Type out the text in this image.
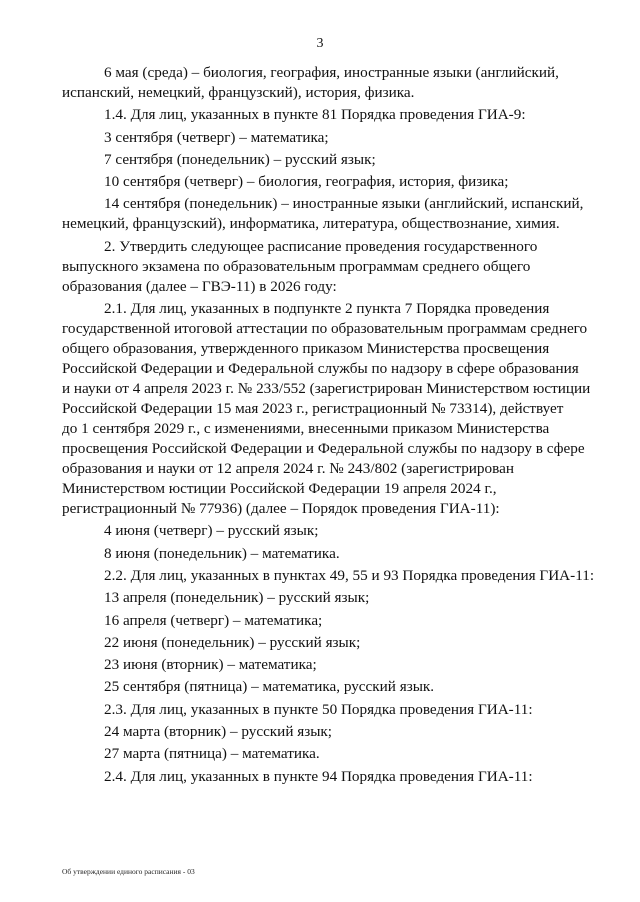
3

6 мая (среда) – биология, география, иностранные языки (английский,
испанский, немецкий, французский), история, физика.

1.4. Для лиц, указанных в пункте 81 Порядка проведения ГИА-9:

3 сентября (четверг) – математика;

7 сентября (понедельник) – русский язык;

10 сентября (четверг) – биология, география, история, физика;

14 сентября (понедельник) – иностранные языки (английский, испанский,
немецкий, французский), информатика, литература, обществознание, химия.

2. Утвердить следующее расписание проведения государственного
выпускного экзамена по образовательным программам среднего общего
образования (далее – ГВЭ-11) в 2026 году:

2.1. Для лиц, указанных в подпункте 2 пункта 7 Порядка проведения
государственной итоговой аттестации по образовательным программам среднего
общего образования, утвержденного приказом Министерства просвещения
Российской Федерации и Федеральной службы по надзору в сфере образования
и науки от 4 апреля 2023 г. № 233/552 (зарегистрирован Министерством юстиции
Российской Федерации 15 мая 2023 г., регистрационный № 73314), действует
до 1 сентября 2029 г., с изменениями, внесенными приказом Министерства
просвещения Российской Федерации и Федеральной службы по надзору в сфере
образования и науки от 12 апреля 2024 г. № 243/802 (зарегистрирован
Министерством юстиции Российской Федерации 19 апреля 2024 г.,
регистрационный № 77936) (далее – Порядок проведения ГИА-11):

4 июня (четверг) – русский язык;

8 июня (понедельник) – математика.

2.2. Для лиц, указанных в пунктах 49, 55 и 93 Порядка проведения ГИА-11:

13 апреля (понедельник) – русский язык;

16 апреля (четверг) – математика;

22 июня (понедельник) – русский язык;

23 июня (вторник) – математика;

25 сентября (пятница) – математика, русский язык.

2.3. Для лиц, указанных в пункте 50 Порядка проведения ГИА-11:

24 марта (вторник) – русский язык;

27 марта (пятница) – математика.

2.4. Для лиц, указанных в пункте 94 Порядка проведения ГИА-11:

Об утверждении единого расписания - 03
